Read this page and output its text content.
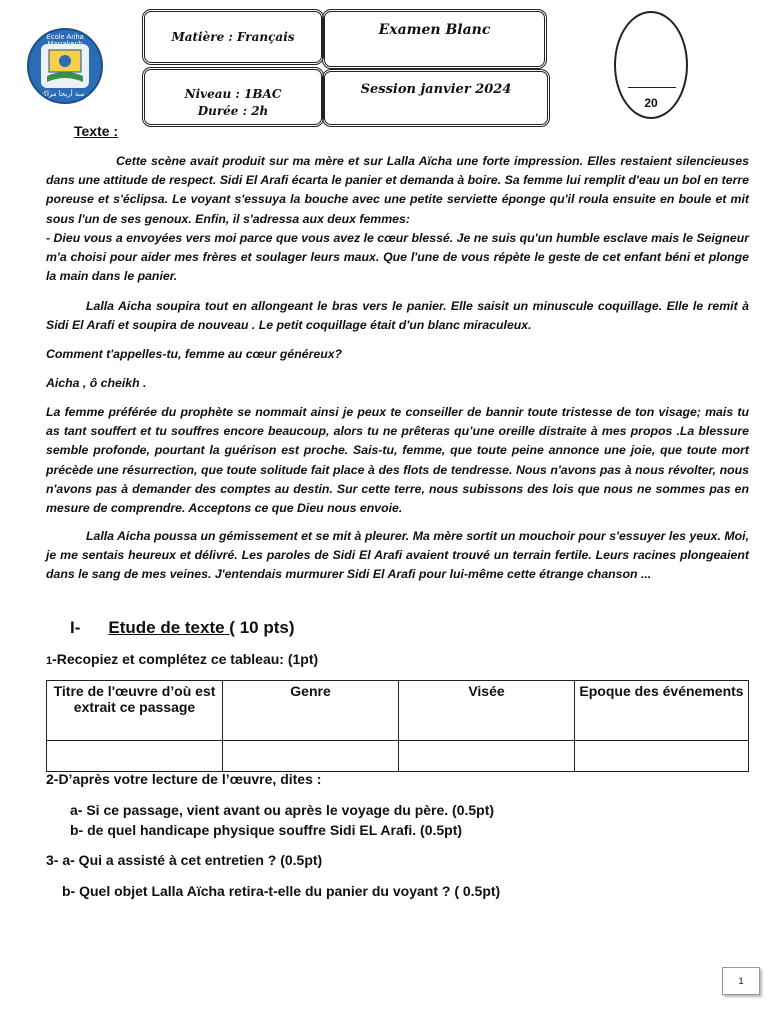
Ecole Ariha
مدرسة أريحا مراكش
Matière : Français	Examen Blanc
Niveau : 1BAC
Durée : 2h
Session janvier 2024
20
Texte :
Cette scène avait produit sur ma mère et sur Lalla Aïcha une forte impression. Elles restaient silencieuses dans une attitude de respect. Sidi El Arafi écarta le panier et demanda à boire. Sa femme lui remplit d'eau un bol en terre poreuse et s'éclipsa. Le voyant s'essuya la bouche avec une petite serviette éponge qu'il roula ensuite en boule et mit sous l'un de ses genoux. Enfin, il s'adressa aux deux femmes:
- Dieu vous a envoyées vers moi parce que vous avez le cœur blessé. Je ne suis qu'un humble esclave mais le Seigneur m'a choisi pour aider mes frères et soulager leurs maux. Que l'une de vous répète le geste de cet enfant béni et plonge la main dans le panier.
Lalla Aicha soupira tout en allongeant le bras vers le panier. Elle saisit un minuscule coquillage. Elle le remit à Sidi El Arafi et soupira de nouveau . Le petit coquillage était d'un blanc miraculeux.
Comment t'appelles-tu, femme au cœur généreux?
Aicha , ô cheikh .
La femme préférée du prophète se nommait ainsi je peux te conseiller de bannir toute tristesse de ton visage; mais tu as tant souffert et tu souffres encore beaucoup, alors tu ne prêteras qu’une oreille distraite à mes propos .La blessure semble profonde, pourtant la guérison est proche. Sais-tu, femme, que toute peine annonce une joie, que toute mort précède une résurrection, que toute solitude fait place à des flots de tendresse. Nous n'avons pas à nous révolter, nous n'avons pas à demander des comptes au destin. Sur cette terre, nous subissons des lois que nous ne sommes pas en mesure de comprendre. Acceptons ce que Dieu nous envoie.
Lalla Aicha poussa un gémissement et se mit à pleurer. Ma mère sortit un mouchoir pour s'essuyer les yeux. Moi, je me sentais heureux et délivré. Les paroles de Sidi El Arafi avaient trouvé un terrain fertile. Leurs racines plongeaient dans le sang de mes veines. J'entendais murmurer Sidi El Arafi pour lui-même cette étrange chanson ...
I- Etude de texte ( 10 pts)
1-Recopiez et complétez ce tableau: (1pt)
Titre de l'œuvre d’où est extrait ce passage	Genre	Visée	Epoque des événements

2-D’après votre lecture de l’œuvre, dites :
a- Si ce passage, vient avant ou après le voyage du père. (0.5pt)
b- de quel handicape physique souffre Sidi EL Arafi. (0.5pt)
3- a- Qui a assisté à cet entretien ? (0.5pt)
b- Quel objet Lalla Aïcha retira-t-elle du panier du voyant ? ( 0.5pt)
1
